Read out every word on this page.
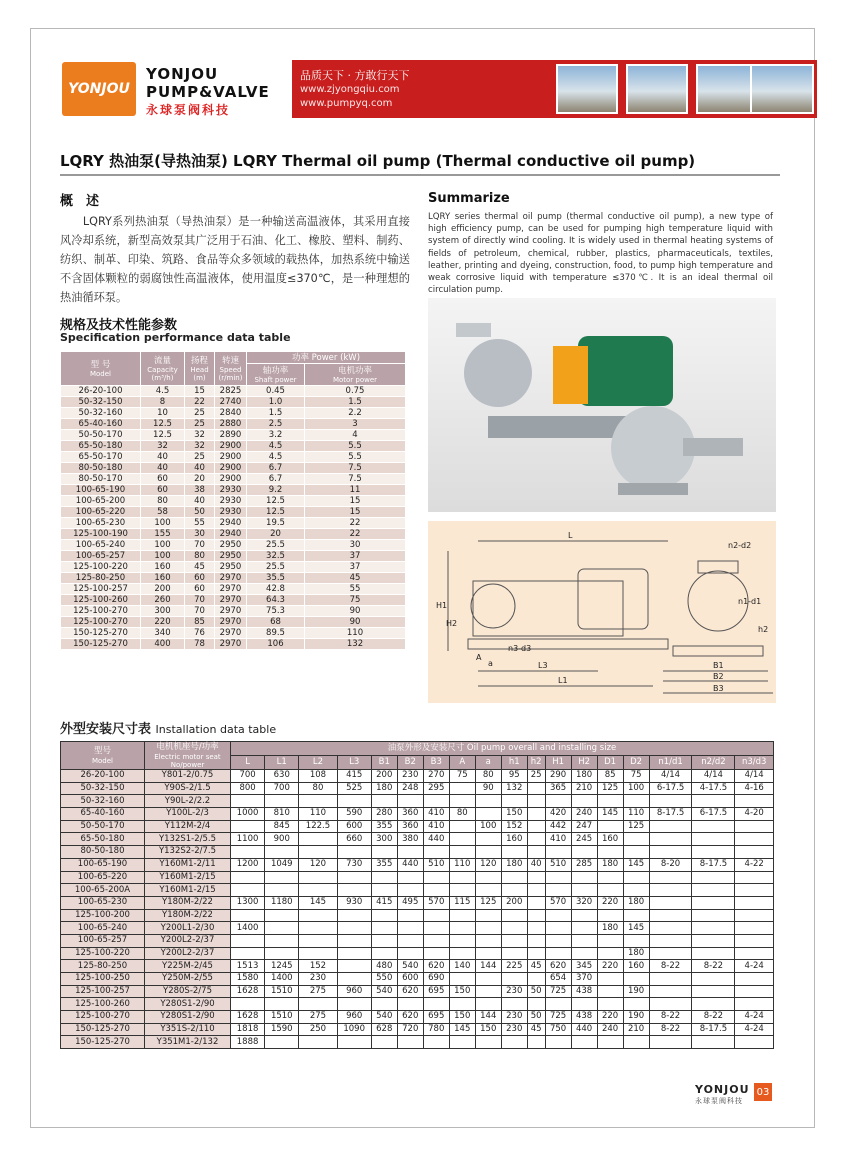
YONJOU
YONJOU
PUMP&VALVE
永球泵阀科技
品质天下 · 方敢行天下
www.zjyongqiu.com
www.pumpyq.com
LQRY 热油泵(导热油泵) LQRY Thermal oil pump (Thermal conductive oil pump)
概　述
　　LQRY系列热油泵（导热油泵）是一种输送高温液体，其采用直接风冷却系统，新型高效泵其广泛用于石油、化工、橡胶、塑料、制药、纺织、制革、印染、筑路、食品等众多领域的载热体，加热系统中输送不含固体颗粒的弱腐蚀性高温液体，使用温度≤370℃，是一种理想的热油循环泵。
Summarize
LQRY series thermal oil pump (thermal conductive oil pump), a new type of high efficiency pump, can be used for pumping high temperature liquid with system of directly wind cooling. It is widely used in thermal heating systems of fields of petroleum, chemical, rubber, plastics, pharmaceuticals, textiles, leather, printing and dyeing, construction, food, to pump high temperature and weak corrosive liquid with temperature ≤370℃. It is an ideal thermal oil circulation pump.
规格及技术性能参数
Specification performance data table
型 号
Model	流量
Capacity
(m³/h)	扬程
Head
(m)	转速
Speed
(r/min)	功率 Power (kW)	
				轴功率
Shaft power	电机功率
Motor power

26-20-100	4.5	15	2825	0.45	0.75
50-32-150	8	22	2740	1.0	1.5
50-32-160	10	25	2840	1.5	2.2
65-40-160	12.5	25	2880	2.5	3
50-50-170	12.5	32	2890	3.2	4
65-50-180	32	32	2900	4.5	5.5
65-50-170	40	25	2900	4.5	5.5
80-50-180	40	40	2900	6.7	7.5
80-50-170	60	20	2900	6.7	7.5
100-65-190	60	38	2930	9.2	11
100-65-200	80	40	2930	12.5	15
100-65-220	58	50	2930	12.5	15
100-65-230	100	55	2940	19.5	22
125-100-190	155	30	2940	20	22
100-65-240	100	70	2950	25.5	30
100-65-257	100	80	2950	32.5	37
125-100-220	160	45	2950	25.5	37
125-80-250	160	60	2970	35.5	45
125-100-257	200	60	2970	42.8	55
125-100-260	260	70	2970	64.3	75
125-100-270	300	70	2970	75.3	90
125-100-270	220	85	2970	68	90
150-125-270	340	76	2970	89.5	110
150-125-270	400	78	2970	106	132
L
n2-d2
n1-d1
H1
H2
h2
n3-d3
A
a	L3
L1
B1
B2
B3
外型安装尺寸表 Installation data table
型号
Model	电机机座号/功率
Electric motor seat No/power	油泵外形及安装尺寸 Oil pump overall and installing size																	
		L	L1	L2	L3	B1	B2	B3	A	a	h1	h2	H1	H2	D1	D2	n1/d1	n2/d2	n3/d3
26-20-100	Y801-2/0.75	700	630	108	415	200	230	270	75	80	95	25	290	180	85	75	4/14	4/14	4/14
50-32-150	Y90S-2/1.5	800	700	80	525	180	248	295		90	132		365	210	125	100	6-17.5	4-17.5	4-16
50-32-160	Y90L-2/2.2																		
65-40-160	Y100L-2/3	1000	810	110	590	280	360	410	80		150		420	240	145	110	8-17.5	6-17.5	4-20
50-50-170	Y112M-2/4		845	122.5	600	355	360	410		100	152		442	247		125			
65-50-180	Y132S1-2/5.5	1100	900		660	300	380	440			160		410	245	160				
80-50-180	Y132S2-2/7.5																		
100-65-190	Y160M1-2/11	1200	1049	120	730	355	440	510	110	120	180	40	510	285	180	145	8-20	8-17.5	4-22
100-65-220	Y160M1-2/15																		
100-65-200A	Y160M1-2/15																		
100-65-230	Y180M-2/22	1300	1180	145	930	415	495	570	115	125	200		570	320	220	180			
125-100-200	Y180M-2/22																		
100-65-240	Y200L1-2/30	1400													180	145			
100-65-257	Y200L2-2/37																		
125-100-220	Y200L2-2/37															180			
125-80-250	Y225M-2/45	1513	1245	152		480	540	620	140	144	225	45	620	345	220	160	8-22	8-22	4-24
125-100-250	Y250M-2/55	1580	1400	230		550	600	690					654	370					
125-100-257	Y280S-2/75	1628	1510	275	960	540	620	695	150		230	50	725	438		190			
125-100-260	Y280S1-2/90																		
125-100-270	Y280S1-2/90	1628	1510	275	960	540	620	695	150	144	230	50	725	438	220	190	8-22	8-22	4-24
150-125-270	Y351S-2/110	1818	1590	250	1090	628	720	780	145	150	230	45	750	440	240	210	8-22	8-17.5	4-24
150-125-270	Y351M1-2/132	1888																	
YONJOU
永球泵阀科技
03
